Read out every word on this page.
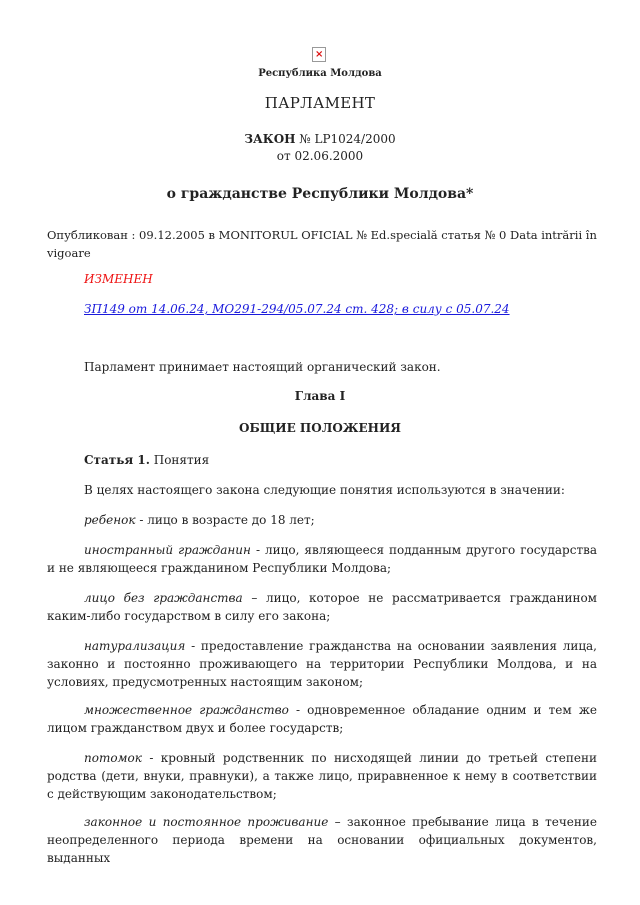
×
Республика Молдова
ПАРЛАМЕНТ
ЗАКОН № LP1024/2000
от 02.06.2000
о гражданстве Республики Молдова*
Опубликован : 09.12.2005 в MONITORUL OFICIAL № Ed.specială статья № 0 Data intrării în vigoare
ИЗМЕНЕН
ЗП149 от 14.06.24, MO291-294/05.07.24 ст. 428; в силу с 05.07.24
Парламент принимает настоящий органический закон.
Глава I
ОБЩИЕ ПОЛОЖЕНИЯ
Статья 1. Понятия
В целях настоящего закона следующие понятия используются в значении:
ребенок - лицо в возрасте до 18 лет;
иностранный гражданин - лицо, являющееся подданным другого государства и не являющееся гражданином Республики Молдова;
лицо без гражданства – лицо, которое не рассматривается гражданином каким-либо государством в силу его закона;
натурализация - предоставление гражданства на основании заявления лица, законно и постоянно проживающего на территории Республики Молдова, и на условиях, предусмотренных настоящим законом;
множественное гражданство - одновременное обладание одним и тем же лицом гражданством двух и более государств;
потомок - кровный родственник по нисходящей линии до третьей степени родства (дети, внуки, правнуки), а также лицо, приравненное к нему в соответствии с действующим законодательством;
законное и постоянное проживание – законное пребывание лица в течение неопределенного периода времени на основании официальных документов, выданных
